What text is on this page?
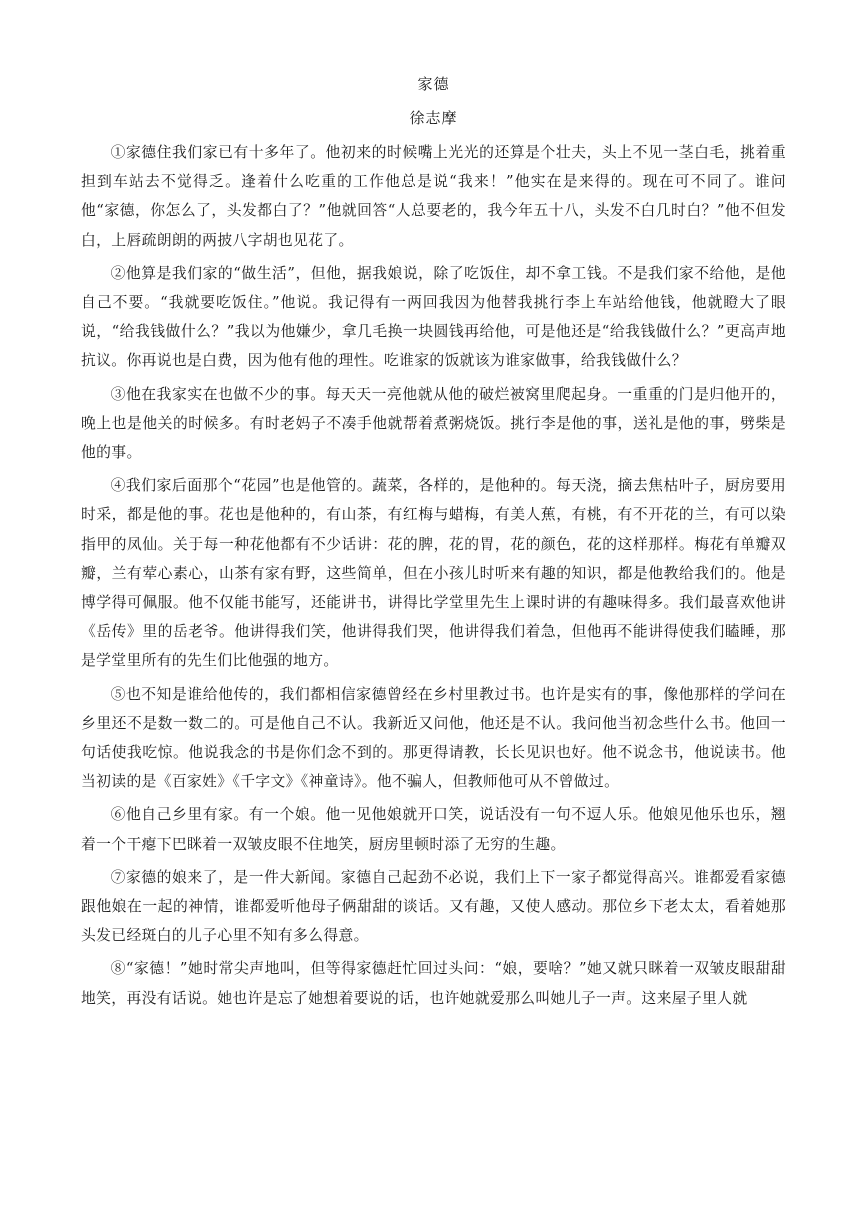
家德
徐志摩

①家德住我们家已有十多年了。他初来的时候嘴上光光的还算是个壮夫，头上不见一茎白毛，挑着重担到车站去不觉得乏。逢着什么吃重的工作他总是说“我来！”他实在是来得的。现在可不同了。谁问他“家德，你怎么了，头发都白了？”他就回答“人总要老的，我今年五十八，头发不白几时白？”他不但发白，上唇疏朗朗的两披八字胡也见花了。

②他算是我们家的“做生活”，但他，据我娘说，除了吃饭住，却不拿工钱。不是我们家不给他，是他自己不要。“我就要吃饭住。”他说。我记得有一两回我因为他替我挑行李上车站给他钱，他就瞪大了眼说，“给我钱做什么？”我以为他嫌少，拿几毛换一块圆钱再给他，可是他还是“给我钱做什么？”更高声地抗议。你再说也是白费，因为他有他的理性。吃谁家的饭就该为谁家做事，给我钱做什么？

③他在我家实在也做不少的事。每天天一亮他就从他的破烂被窝里爬起身。一重重的门是归他开的，晚上也是他关的时候多。有时老妈子不凑手他就帮着煮粥烧饭。挑行李是他的事，送礼是他的事，劈柴是他的事。

④我们家后面那个“花园”也是他管的。蔬菜，各样的，是他种的。每天浇，摘去焦枯叶子，厨房要用时采，都是他的事。花也是他种的，有山茶，有红梅与蜡梅，有美人蕉，有桃，有不开花的兰，有可以染指甲的凤仙。关于每一种花他都有不少话讲：花的脾，花的胃，花的颜色，花的这样那样。梅花有单瓣双瓣，兰有荤心素心，山茶有家有野，这些简单，但在小孩儿时听来有趣的知识，都是他教给我们的。他是博学得可佩服。他不仅能书能写，还能讲书，讲得比学堂里先生上课时讲的有趣味得多。我们最喜欢他讲《岳传》里的岳老爷。他讲得我们笑，他讲得我们哭，他讲得我们着急，但他再不能讲得使我们瞌睡，那是学堂里所有的先生们比他强的地方。

⑤也不知是谁给他传的，我们都相信家德曾经在乡村里教过书。也许是实有的事，像他那样的学问在乡里还不是数一数二的。可是他自己不认。我新近又问他，他还是不认。我问他当初念些什么书。他回一句话使我吃惊。他说我念的书是你们念不到的。那更得请教，长长见识也好。他不说念书，他说读书。他当初读的是《百家姓》《千字文》《神童诗》。他不骗人，但教师他可从不曾做过。

⑥他自己乡里有家。有一个娘。他一见他娘就开口笑，说话没有一句不逗人乐。他娘见他乐也乐，翘着一个干瘪下巴眯着一双皱皮眼不住地笑，厨房里顿时添了无穷的生趣。

⑦家德的娘来了，是一件大新闻。家德自己起劲不必说，我们上下一家子都觉得高兴。谁都爱看家德跟他娘在一起的神情，谁都爱听他母子俩甜甜的谈话。又有趣，又使人感动。那位乡下老太太，看着她那头发已经斑白的儿子心里不知有多么得意。

⑧“家德！”她时常尖声地叫，但等得家德赶忙回过头问：“娘，要啥？”她又就只眯着一双皱皮眼甜甜地笑，再没有话说。她也许是忘了她想着要说的话，也许她就爱那么叫她儿子一声。这来屋子里人就
